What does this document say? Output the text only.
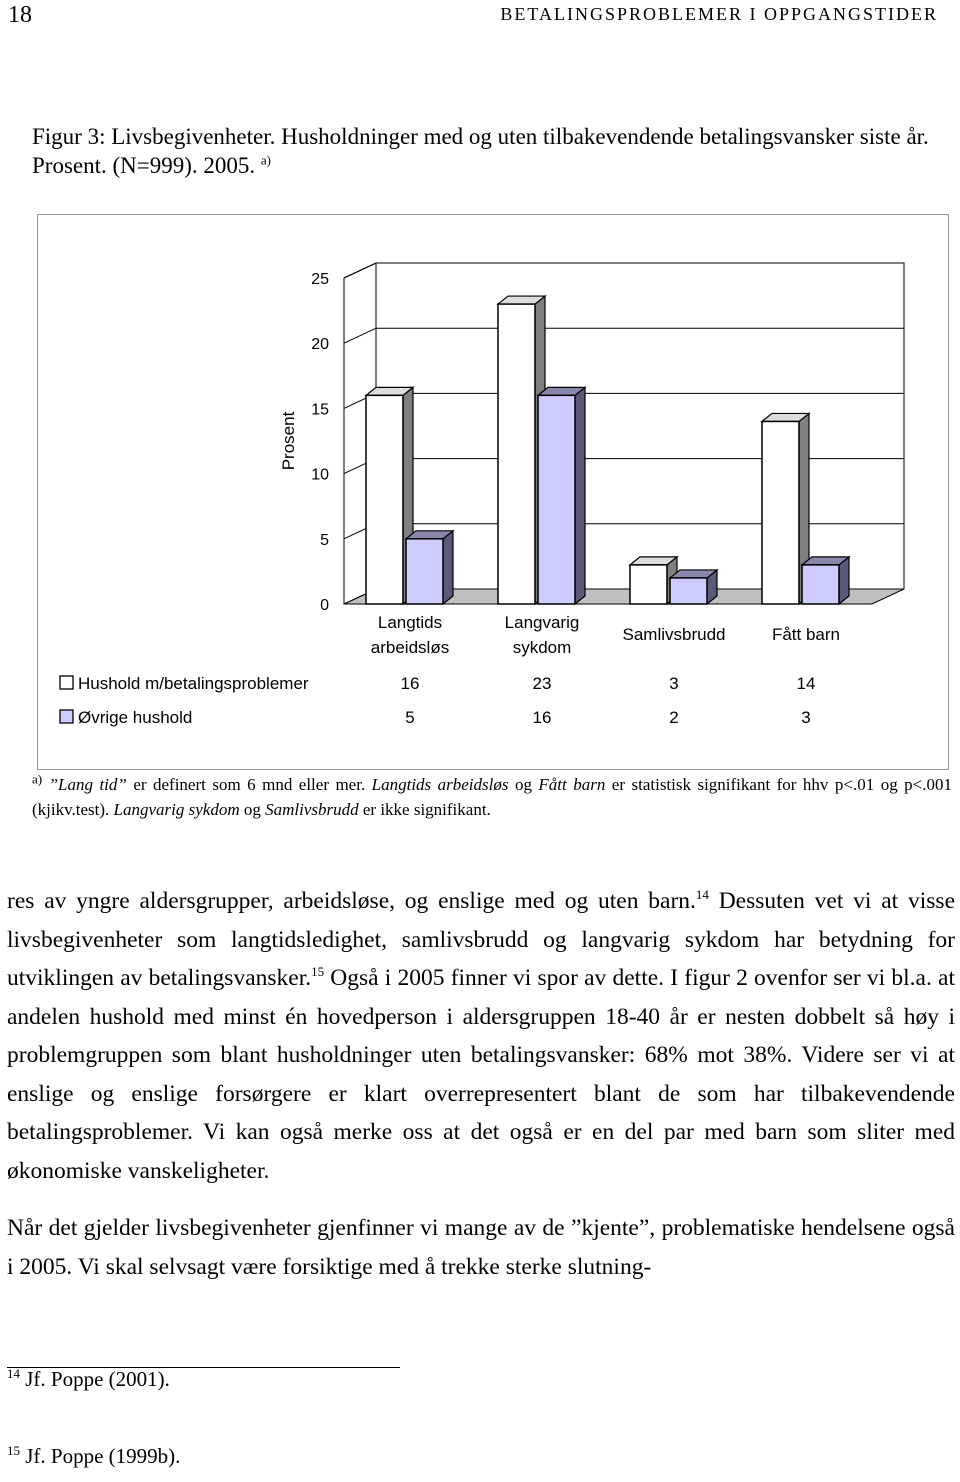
18	BETALINGSPROBLEMER I OPPGANGSTIDER
Figur 3: Livsbegivenheter. Husholdninger med og uten tilbakevendende betalingsvansker siste år. Prosent. (N=999). 2005. $^{a)}$
0
5
10
15
20
25
Prosent
Langtids
arbeidsløs
16
5
Langvarig
sykdom
23
16
Samlivsbrudd
3
2
Fått barn
14
3
Hushold m/betalingsproblemer
Øvrige hushold
$^{a)}$ ”Lang tid” er definert som 6 mnd eller mer. Langtids arbeidsløs og Fått barn er statistisk signifikant for hhv p<.01 og p<.001 (kjikv.test). Langvarig sykdom og Samlivsbrudd er ikke signifikant.

res av yngre aldersgrupper, arbeidsløse, og enslige med og uten barn.$^{14}$ Dessuten vet vi at visse livsbegivenheter som langtidsledighet, samlivsbrudd og langvarig sykdom har betydning for utviklingen av betalingsvansker.$^{15}$ Også i 2005 finner vi spor av dette. I figur 2 ovenfor ser vi bl.a. at andelen hushold med minst én hovedperson i aldersgruppen 18-40 år er nesten dobbelt så høy i problemgruppen som blant husholdninger uten betalingsvansker: 68% mot 38%. Videre ser vi at enslige og enslige forsørgere er klart overrepresentert blant de som har tilbakevendende betalingsproblemer. Vi kan også merke oss at det også er en del par med barn som sliter med økonomiske vanskeligheter.

Når det gjelder livsbegivenheter gjenfinner vi mange av de ”kjente”, problematiske hendelsene også i 2005. Vi skal selvsagt være forsiktige med å trekke sterke slutning-

$^{14}$ Jf. Poppe (2001).
$^{15}$ Jf. Poppe (1999b).
